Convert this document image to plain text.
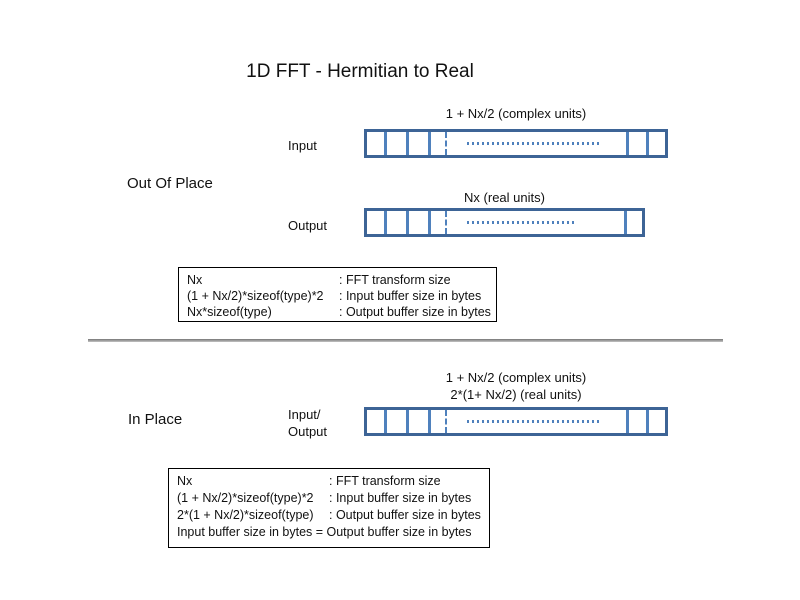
1D FFT - Hermitian to Real
Out Of Place
1 + Nx/2 (complex units)
Input
Nx (real units)
Output
Nx	: FFT transform size
(1 + Nx/2)*sizeof(type)*2 : Input buffer size in bytes
Nx*sizeof(type)	: Output buffer size in bytes
In Place
1 + Nx/2 (complex units)
2*(1+ Nx/2) (real units)
Input/
Output
Nx	: FFT transform size
(1 + Nx/2)*sizeof(type)*2 : Input buffer size in bytes
2*(1 + Nx/2)*sizeof(type) : Output buffer size in bytes
Input buffer size in bytes = Output buffer size in bytes
